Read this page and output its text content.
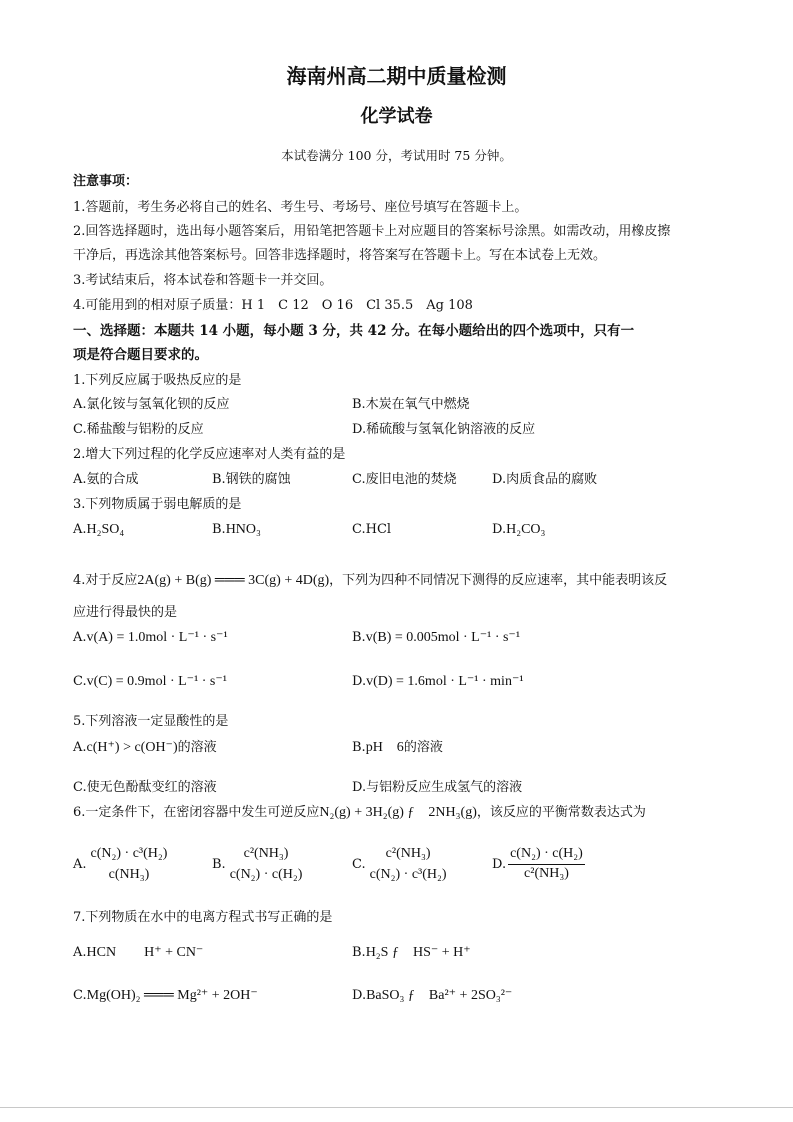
海南州高二期中质量检测
化学试卷
本试卷满分 100 分，考试用时 75 分钟。
注意事项：
1.答题前，考生务必将自己的姓名、考生号、考场号、座位号填写在答题卡上。
2.回答选择题时，选出每小题答案后，用铅笔把答题卡上对应题目的答案标号涂黑。如需改动，用橡皮擦
干净后，再选涂其他答案标号。回答非选择题时，将答案写在答题卡上。写在本试卷上无效。
3.考试结束后，将本试卷和答题卡一并交回。
4.可能用到的相对原子质量：H 1　C 12　O 16　Cl 35.5　Ag 108
一、选择题：本题共 14 小题，每小题 3 分，共 42 分。在每小题给出的四个选项中，只有一
项是符合题目要求的。
1.下列反应属于吸热反应的是
A.氯化铵与氢氧化钡的反应	B.木炭在氧气中燃烧
C.稀盐酸与铝粉的反应	D.稀硫酸与氢氧化钠溶液的反应
2.增大下列过程的化学反应速率对人类有益的是
A.氨的合成	B.钢铁的腐蚀	C.废旧电池的焚烧	D.肉质食品的腐败
3.下列物质属于弱电解质的是
A.H₂SO₄	B.HNO₃	C.HCl	D.H₂CO₃
4.对于反应2A(g) + B(g) ═══ 3C(g) + 4D(g)，下列为四种不同情况下测得的反应速率，其中能表明该反
应进行得最快的是
A.v(A) = 1.0mol · L⁻¹ · s⁻¹	B.v(B) = 0.005mol · L⁻¹ · s⁻¹
C.v(C) = 0.9mol · L⁻¹ · s⁻¹	D.v(D) = 1.6mol · L⁻¹ · min⁻¹
5.下列溶液一定显酸性的是
A.c(H⁺) > c(OH⁻)的溶液	B.pH　6的溶液
C.使无色酚酞变红的溶液	D.与铝粉反应生成氢气的溶液
6.一定条件下，在密闭容器中发生可逆反应N₂(g) + 3H₂(g) ƒ　2NH₃(g)，该反应的平衡常数表达式为
A.
c(N₂) · c³(H₂)
c(NH₃)
B.
c²(NH₃)
c(N₂) · c(H₂)
C.
c²(NH₃)
c(N₂) · c³(H₂)
D. $\frac{\text{c(N₂) · c(H₂)}}{\text{c²(NH₃)}}$
7.下列物质在水中的电离方程式书写正确的是
A.HCN　　H⁺ + CN⁻	B.H₂S ƒ　HS⁻ + H⁺
C.Mg(OH)₂ ═══ Mg²⁺ + 2OH⁻	D.BaSO₃ ƒ　Ba²⁺ + 2SO₃²⁻
